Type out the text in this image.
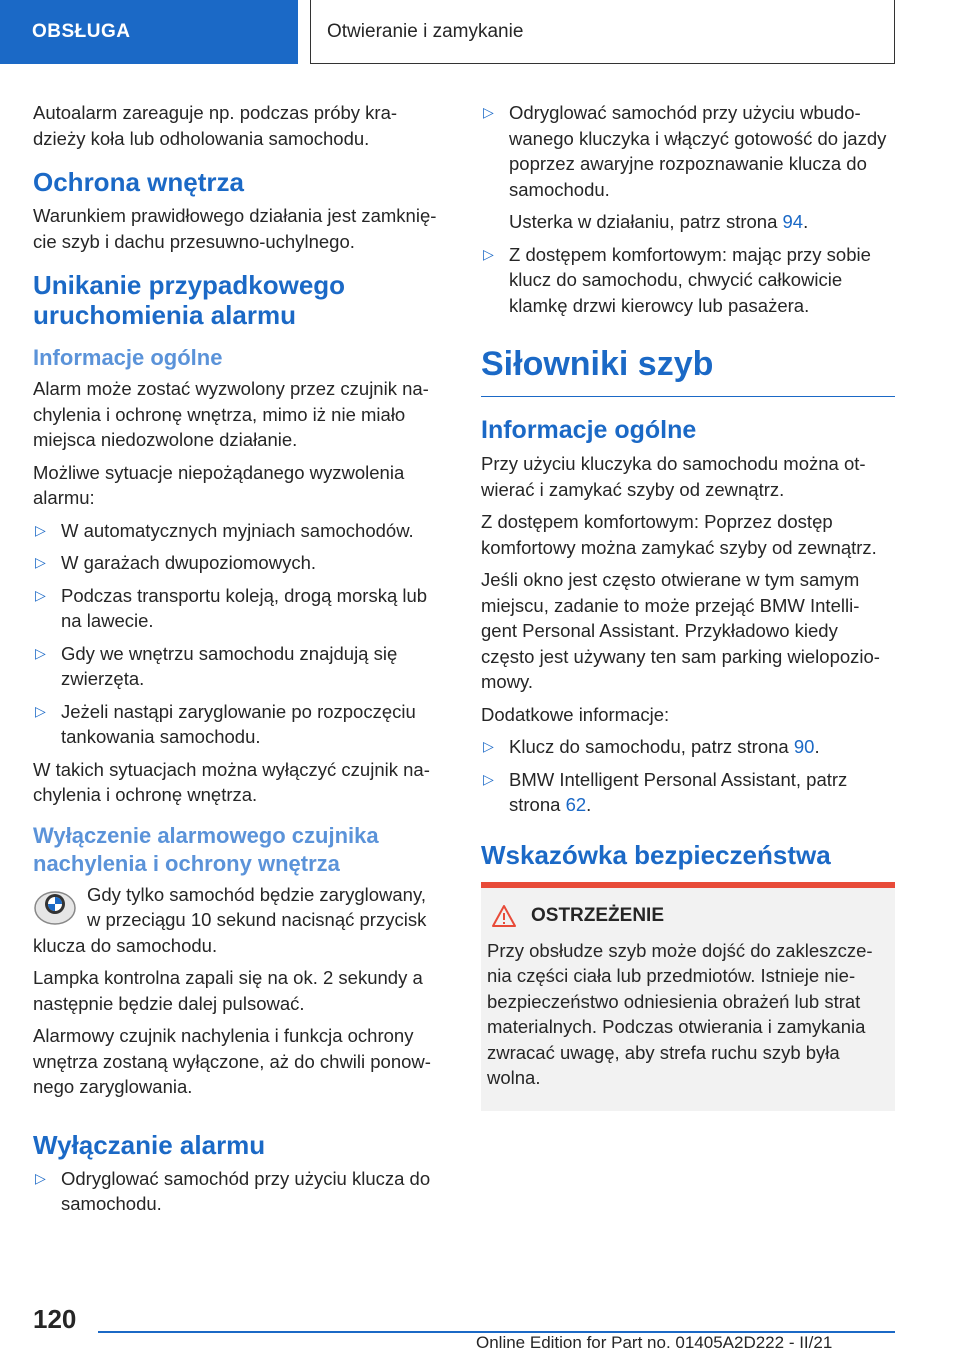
OBSŁUGA	Otwieranie i zamykanie

Autoalarm zareaguje np. podczas próby kra-dzieży koła lub odholowania samochodu.

Ochrona wnętrza

Warunkiem prawidłowego działania jest zamknię-cie szyb i dachu przesuwno-uchylnego.

Unikanie przypadkowego uruchomienia alarmu
Informacje ogólne

Alarm może zostać wyzwolony przez czujnik na-chylenia i ochronę wnętrza, mimo iż nie miało miejsca niedozwolone działanie.

Możliwe sytuacje niepożądanego wyzwolenia alarmu:

▷ W automatycznych myjniach samochodów.
▷ W garażach dwupoziomowych.
▷ Podczas transportu koleją, drogą morską lub na lawecie.
▷ Gdy we wnętrzu samochodu znajdują się zwierzęta.
▷ Jeżeli nastąpi zaryglowanie po rozpoczęciu tankowania samochodu.

W takich sytuacjach można wyłączyć czujnik na-chylenia i ochronę wnętrza.

Wyłączenie alarmowego czujnika nachylenia i ochrony wnętrza

Gdy tylko samochód będzie zaryglowany, w przeciągu 10 sekund nacisnąć przycisk klucza do samochodu.

Lampka kontrolna zapali się na ok. 2 sekundy a następnie będzie dalej pulsować.

Alarmowy czujnik nachylenia i funkcja ochrony wnętrza zostaną wyłączone, aż do chwili ponow-nego zaryglowania.

Wyłączanie alarmu
▷ Odryglować samochód przy użyciu klucza do samochodu.
▷ Odryglować samochód przy użyciu wbudo-wanego kluczyka i włączyć gotowość do jazdy poprzez awaryjne rozpoznawanie klucza do samochodu.

Usterka w działaniu, patrz strona 94.

▷ Z dostępem komfortowym: mając przy sobie klucz do samochodu, chwycić całkowicie klamkę drzwi kierowcy lub pasażera.
Siłowniki szyb
Informacje ogólne

Przy użyciu kluczyka do samochodu można ot-wierać i zamykać szyby od zewnątrz.

Z dostępem komfortowym: Poprzez dostęp komfortowy można zamykać szyby od zewnątrz.

Jeśli okno jest często otwierane w tym samym miejscu, zadanie to może przejąć BMW Intelli-gent Personal Assistant. Przykładowo kiedy często jest używany ten sam parking wielopozio-mowy.

Dodatkowe informacje:

▷ Klucz do samochodu, patrz strona 90.
▷ BMW Intelligent Personal Assistant, patrz strona 62.
Wskazówka bezpieczeństwa
OSTRZEŻENIE

Przy obsłudze szyb może dojść do zakleszcze-nia części ciała lub przedmiotów. Istnieje nie-bezpieczeństwo odniesienia obrażeń lub strat materialnych. Podczas otwierania i zamykania zwracać uwagę, aby strefa ruchu szyb była wolna.

120
Online Edition for Part no. 01405A2D222 - II/21
